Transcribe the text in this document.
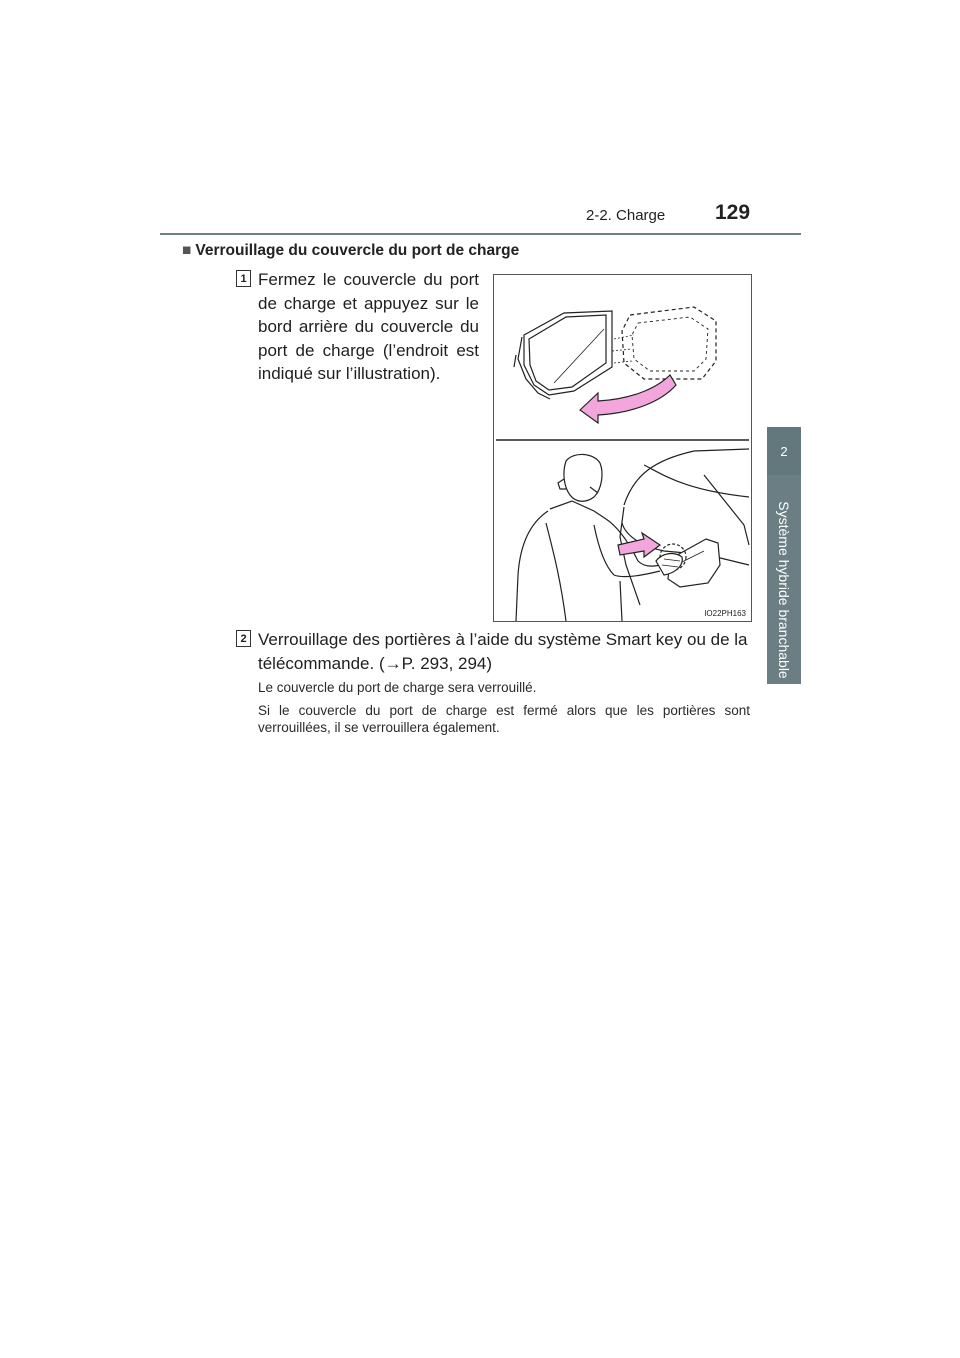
2-2. Charge 129
2
Système hybride branchable
■ Verrouillage du couvercle du port de charge
1 Fermez le couvercle du port de charge et appuyez sur le bord arrière du couvercle du port de charge (l’endroit est indiqué sur l’illustration).
IO22PH163
2 Verrouillage des portières à l’aide du système Smart key ou de la télécommande. (→P. 293, 294)
Le couvercle du port de charge sera verrouillé.
Si le couvercle du port de charge est fermé alors que les portières sont verrouillées, il se verrouillera également.
